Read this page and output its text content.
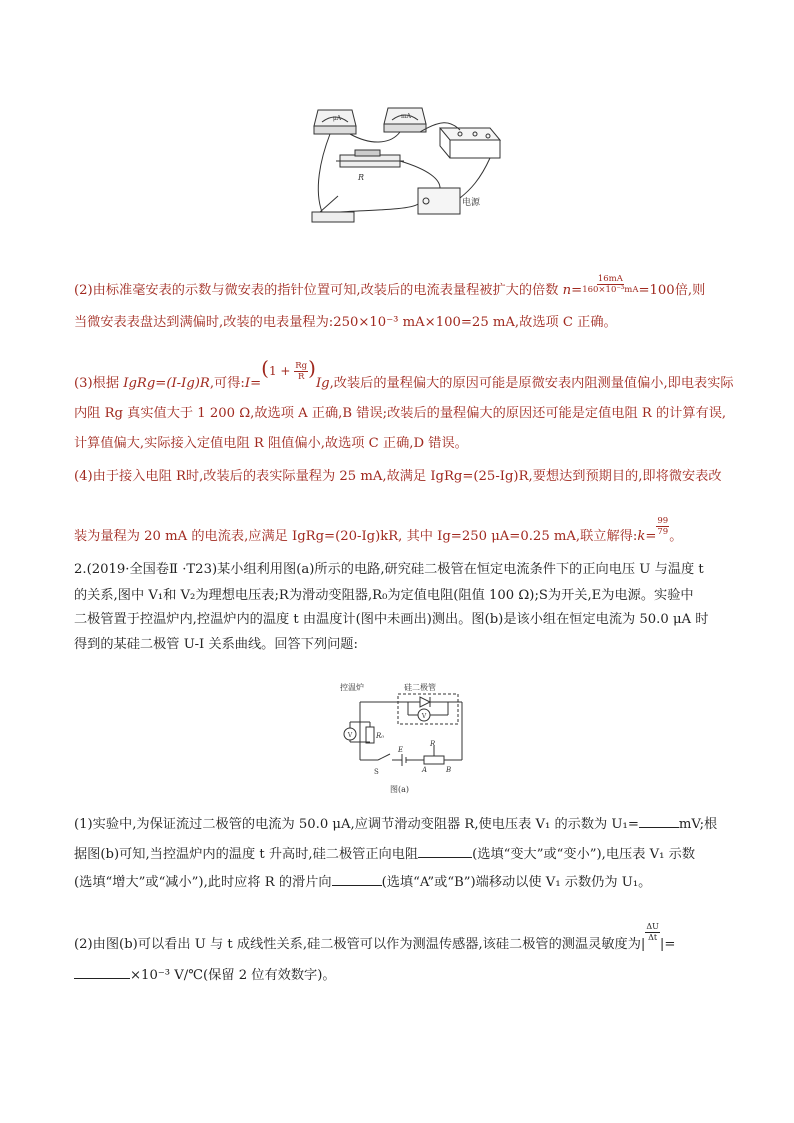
μA	mA
R
电源
(2)由标准毫安表的示数与微安表的指针位置可知,改装后的电流表量程被扩大的倍数 $n= \frac{16mA}{\text{160×10⁻³mA}} =100$倍,则
当微安表表盘达到满偏时,改装的电表量程为:250×10⁻³ mA×100=25 mA,故选项 C 正确。
(3)根据 IgRg=(I-Ig)R,可得:I=(1 + $\frac{Rg}{R} )Ig$,改装后的量程偏大的原因可能是原微安表内阻测量值偏小,即电表实际
内阻 Rg 真实值大于 1 200 Ω,故选项 A 正确,B 错误;改装后的量程偏大的原因还可能是定值电阻 R 的计算有误,
计算值偏大,实际接入定值电阻 R 阻值偏小,故选项 C 正确,D 错误。
(4)由于接入电阻 R时,改装后的表实际量程为 25 mA,故满足 IgRg=(25-Ig)R,要想达到预期目的,即将微安表改
装为量程为 20 mA 的电流表,应满足 IgRg=(20-Ig)kR, 其中 Ig=250 μA=0.25 mA,联立解得:k= $\frac{99}{79}$ 。
2.(2019·全国卷Ⅱ ·T23)某小组利用图(a)所示的电路,研究硅二极管在恒定电流条件下的正向电压 U 与温度 t
的关系,图中 V₁和 V₂为理想电压表;R为滑动变阻器,R₀为定值电阻(阻值 100 Ω);S为开关,E为电源。实验中
二极管置于控温炉内,控温炉内的温度 t 由温度计(图中未画出)测出。图(b)是该小组在恒定电流为 50.0 μA 时
得到的某硅二极管 U-I 关系曲线。回答下列问题:
V
V
控温炉	硅二极管
R₀
E
R
S	A	B
图(a)
(1)实验中,为保证流过二极管的电流为 50.0 μA,应调节滑动变阻器 R,使电压表 V₁ 的示数为 U₁=	mV;根
据图(b)可知,当控温炉内的温度 t 升高时,硅二极管正向电阻	(选填“变大”或“变小”),电压表 V₁ 示数
(选填“增大”或“减小”),此时应将 R 的滑片向	(选填“A”或“B”)端移动以使 V₁ 示数仍为 U₁。
(2)由图(b)可以看出 U 与 t 成线性关系,硅二极管可以作为测温传感器,该硅二极管的测温灵敏度为|
$\frac{\Delta U}{\Delta t}$
|=
×10⁻³ V/℃(保留 2 位有效数字)。
